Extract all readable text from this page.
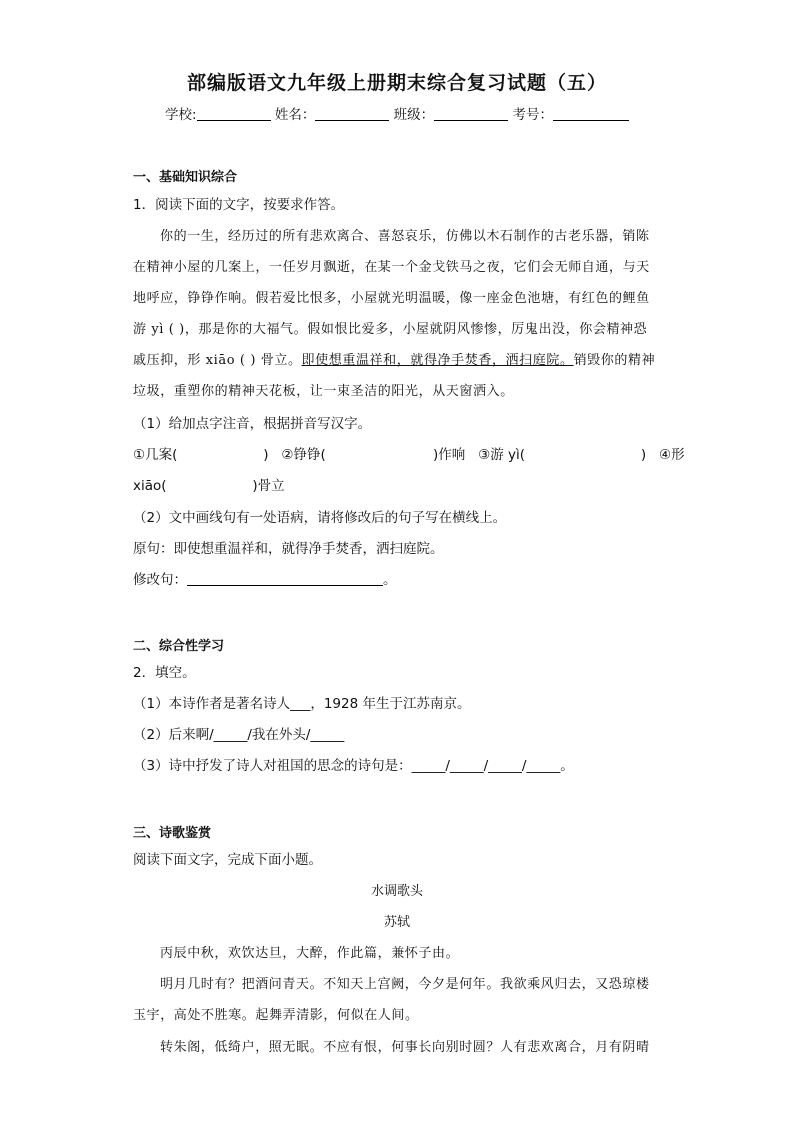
部编版语文九年级上册期末综合复习试题（五）
学校:	姓名：	班级：	考号：
一、基础知识综合
1．阅读下面的文字，按要求作答。
你的一生，经历过的所有悲欢离合、喜怒哀乐，仿佛以木石制作的古老乐器，销陈
在精神小屋的几案上，一任岁月飘逝，在某一个金戈铁马之夜，它们会无师自通，与天
地呼应，铮铮作响。假若爱比恨多，小屋就光明温暖，像一座金色池塘，有红色的鲤鱼
游 yì ( )，那是你的大福气。假如恨比爱多，小屋就阴风惨惨，厉鬼出没，你会精神恐
戚压抑，形 xiāo ( ) 骨立。即使想重温祥和，就得净手焚香，洒扫庭院。销毁你的精神
垃圾，重塑你的精神天花板，让一束圣洁的阳光，从天窗洒入。
（1）给加点字注音，根据拼音写汉字。
①几案(                    )   ②铮铮(                         )作响   ③游 yì(                           )   ④形
xiāo(                    )骨立
（2）文中画线句有一处语病，请将修改后的句子写在横线上。
原句：即使想重温祥和，就得净手焚香，洒扫庭院。
修改句：	。
二、综合性学习
2．填空。
（1）本诗作者是著名诗人___，1928 年生于江苏南京。
（2）后来啊/_____/我在外头/_____
（3）诗中抒发了诗人对祖国的思念的诗句是：_____/_____/_____/_____。
三、诗歌鉴赏
阅读下面文字，完成下面小题。
水调歌头
苏轼
丙辰中秋，欢饮达旦，大醉，作此篇，兼怀子由。
明月几时有？把酒问青天。不知天上宫阙，今夕是何年。我欲乘风归去，又恐琼楼
玉宇，高处不胜寒。起舞弄清影，何似在人间。
转朱阁，低绮户，照无眠。不应有恨，何事长向别时圆？人有悲欢离合，月有阴晴
